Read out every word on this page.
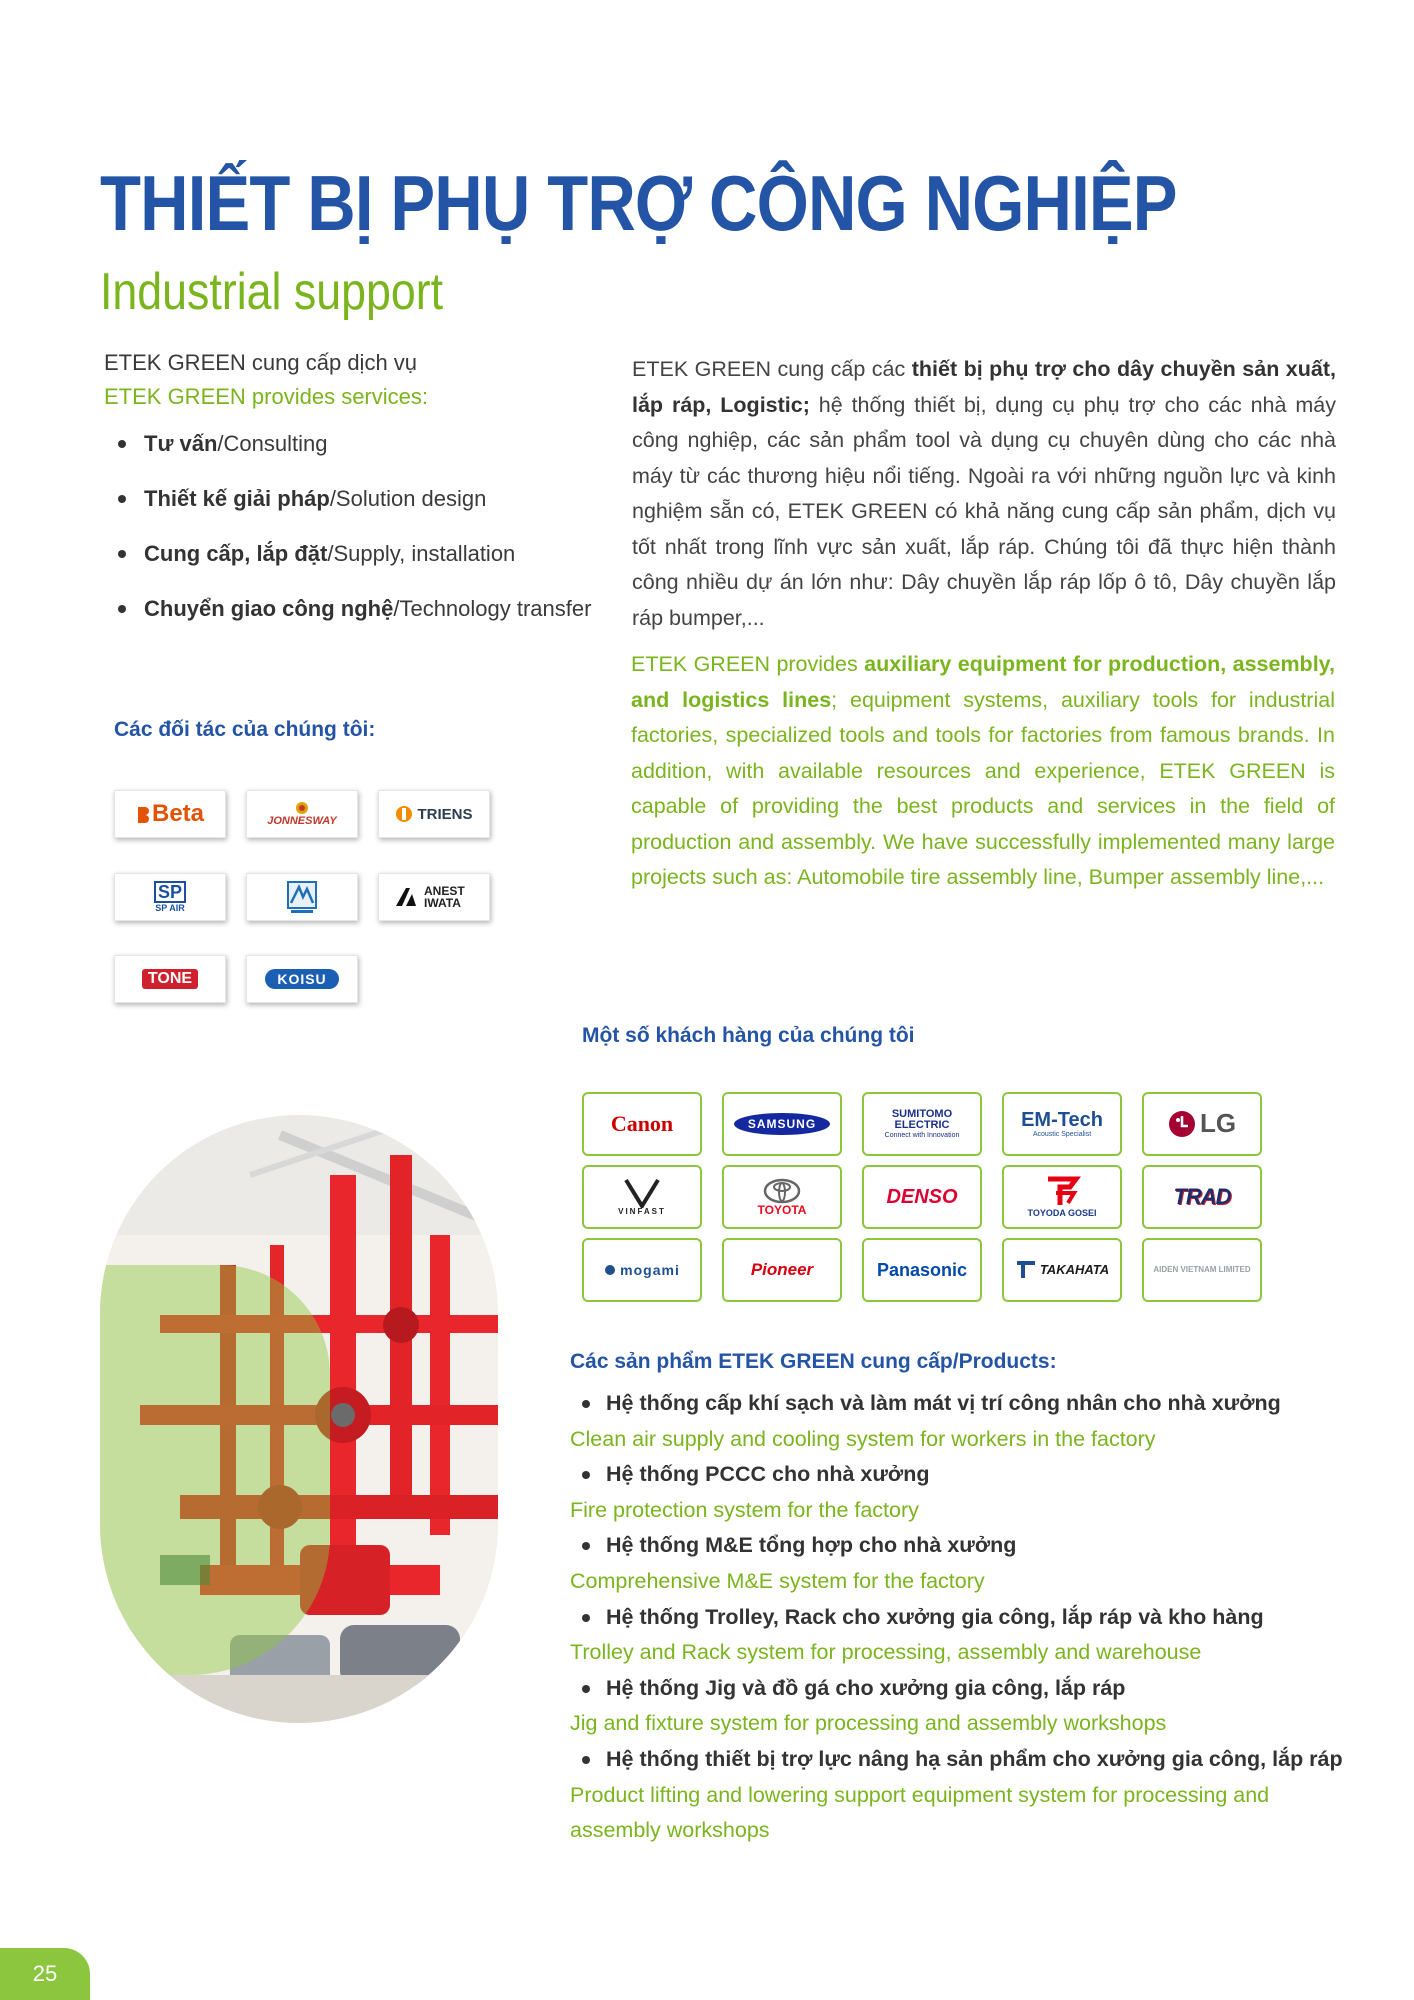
THIẾT BỊ PHỤ TRỢ CÔNG NGHIỆP
Industrial support
ETEK GREEN cung cấp dịch vụ
ETEK GREEN provides services:
Tư vấn /Consulting
Thiết kế giải pháp /Solution design
Cung cấp, lắp đặt /Supply, installation
Chuyển giao công nghệ /Technology transfer
ETEK GREEN cung cấp các thiết bị phụ trợ cho dây chuyền sản xuất, lắp ráp, Logistic; hệ thống thiết bị, dụng cụ phụ trợ cho các nhà máy công nghiệp, các sản phẩm tool và dụng cụ chuyên dùng cho các nhà máy từ các thương hiệu nổi tiếng. Ngoài ra với những nguồn lực và kinh nghiệm sẵn có, ETEK GREEN có khả năng cung cấp sản phẩm, dịch vụ tốt nhất trong lĩnh vực sản xuất, lắp ráp. Chúng tôi đã thực hiện thành công nhiều dự án lớn như: Dây chuyền lắp ráp lốp ô tô, Dây chuyền lắp ráp bumper,...
ETEK GREEN provides auxiliary equipment for production, assembly, and logistics lines; equipment systems, auxiliary tools for industrial factories, specialized tools and tools for factories from famous brands. In addition, with available resources and experience, ETEK GREEN is capable of providing the best products and services in the field of production and assembly. We have successfully implemented many large projects such as: Automobile tire assembly line, Bumper assembly line,...
Các đối tác của chúng tôi:
Beta	JONNESWAY	TRIENS
SP
SP AIR
ANEST IWATA
TONE	KOISU
Một số khách hàng của chúng tôi
Canon	SAMSUNG
SUMITOMO ELECTRIC
Connect with Innovation
EM-Tech
Acoustic Specialist	LG
VINFAST	TOYOTA
DENSO
TOYODA GOSEI
TRAD
mogami	Pioneer	Panasonic	TAKAHATA	AIDEN VIETNAM LIMITED
Các sản phẩm ETEK GREEN cung cấp/Products:
Hệ thống cấp khí sạch và làm mát vị trí công nhân cho nhà xưởng
Clean air supply and cooling system for workers in the factory
Hệ thống PCCC cho nhà xưởng
Fire protection system for the factory
Hệ thống M&E tổng hợp cho nhà xưởng
Comprehensive M&E system for the factory
Hệ thống Trolley, Rack cho xưởng gia công, lắp ráp và kho hàng
Trolley and Rack system for processing, assembly and warehouse
Hệ thống Jig và đồ gá cho xưởng gia công, lắp ráp
Jig and fixture system for processing and assembly workshops
Hệ thống thiết bị trợ lực nâng hạ sản phẩm cho xưởng gia công, lắp ráp
Product lifting and lowering support equipment system for processing and
assembly workshops
25
